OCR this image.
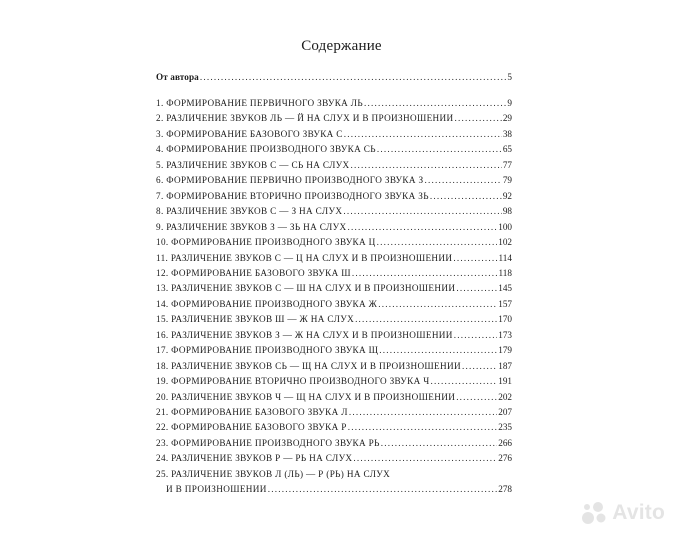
Содержание
От автора .....	5
1. ФОРМИРОВАНИЕ ПЕРВИЧНОГО ЗВУКА ЛЬ .....	9
2. РАЗЛИЧЕНИЕ ЗВУКОВ ЛЬ — Й НА СЛУХ И В ПРОИЗНОШЕНИИ .....	29
3. ФОРМИРОВАНИЕ БАЗОВОГО ЗВУКА С .....	38
4. ФОРМИРОВАНИЕ ПРОИЗВОДНОГО ЗВУКА СЬ .....	65
5. РАЗЛИЧЕНИЕ ЗВУКОВ С — СЬ НА СЛУХ .....	77
6. ФОРМИРОВАНИЕ ПЕРВИЧНО ПРОИЗВОДНОГО ЗВУКА З .....	79
7. ФОРМИРОВАНИЕ ВТОРИЧНО ПРОИЗВОДНОГО ЗВУКА ЗЬ .....	92
8. РАЗЛИЧЕНИЕ ЗВУКОВ С — З НА СЛУХ .....	98
9. РАЗЛИЧЕНИЕ ЗВУКОВ З — ЗЬ НА СЛУХ .....	100
10. ФОРМИРОВАНИЕ ПРОИЗВОДНОГО ЗВУКА Ц .....	102
11. РАЗЛИЧЕНИЕ ЗВУКОВ С — Ц НА СЛУХ И В ПРОИЗНОШЕНИИ .....	114
12. ФОРМИРОВАНИЕ БАЗОВОГО ЗВУКА Ш .....	118
13. РАЗЛИЧЕНИЕ ЗВУКОВ С — Ш НА СЛУХ И В ПРОИЗНОШЕНИИ .....	145
14. ФОРМИРОВАНИЕ ПРОИЗВОДНОГО ЗВУКА Ж .....	157
15. РАЗЛИЧЕНИЕ ЗВУКОВ Ш — Ж НА СЛУХ .....	170
16. РАЗЛИЧЕНИЕ ЗВУКОВ З — Ж НА СЛУХ И В ПРОИЗНОШЕНИИ .....	173
17. ФОРМИРОВАНИЕ ПРОИЗВОДНОГО ЗВУКА Щ .....	179
18. РАЗЛИЧЕНИЕ ЗВУКОВ СЬ — Щ НА СЛУХ И В ПРОИЗНОШЕНИИ .....	187
19. ФОРМИРОВАНИЕ ВТОРИЧНО ПРОИЗВОДНОГО ЗВУКА Ч .....	191
20. РАЗЛИЧЕНИЕ ЗВУКОВ Ч — Щ НА СЛУХ И В ПРОИЗНОШЕНИИ .....	202
21. ФОРМИРОВАНИЕ БАЗОВОГО ЗВУКА Л .....	207
22. ФОРМИРОВАНИЕ БАЗОВОГО ЗВУКА Р .....	235
23. ФОРМИРОВАНИЕ ПРОИЗВОДНОГО ЗВУКА РЬ .....	266
24. РАЗЛИЧЕНИЕ ЗВУКОВ Р — РЬ НА СЛУХ .....	276
25. РАЗЛИЧЕНИЕ ЗВУКОВ Л (ЛЬ) — Р (РЬ) НА СЛУХ
И В ПРОИЗНОШЕНИИ .....	278
Avito
